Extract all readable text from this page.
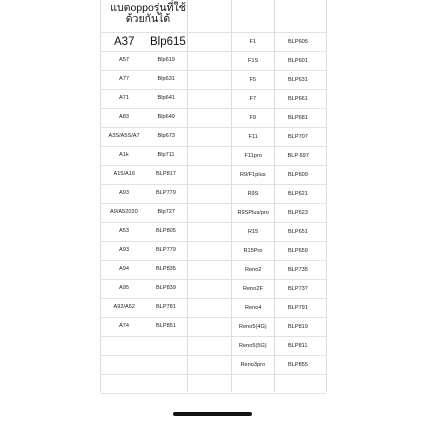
แบตoppoรุ่นที่ใช้
ด้วยกันได้
A37 Blp615
A57	Blp619
A77	Blp631
A71	Blp641
A83	Blp649
A3S/A5S/A7	Blp673
A1k	Blp711
A15/A16	BLP817
A93	BLP779
A9/A52020	Blp727
A53	BLP805
A93	BLP779
A94	BLP835
A95	BLP839
A92/A52	BLP781
A74	BLP851
F1	BLP605
F1S	BLP601
F5	BLP631
F7	BLP661
F9	BLP681
F11	BLP707
F11pro	BLP 697
R9/F1plus	BLP609
R9S	BLP621
R9SPlus/pro	BLP623
R15	BLP651
R15Pro	BLP659
Reno2	BLP735
Reno2F	BLP737
Reno4	BLP791
Reno5(4G)	BLP819
Reno5(5G)	BLP811
Reno3pro	BLP855
